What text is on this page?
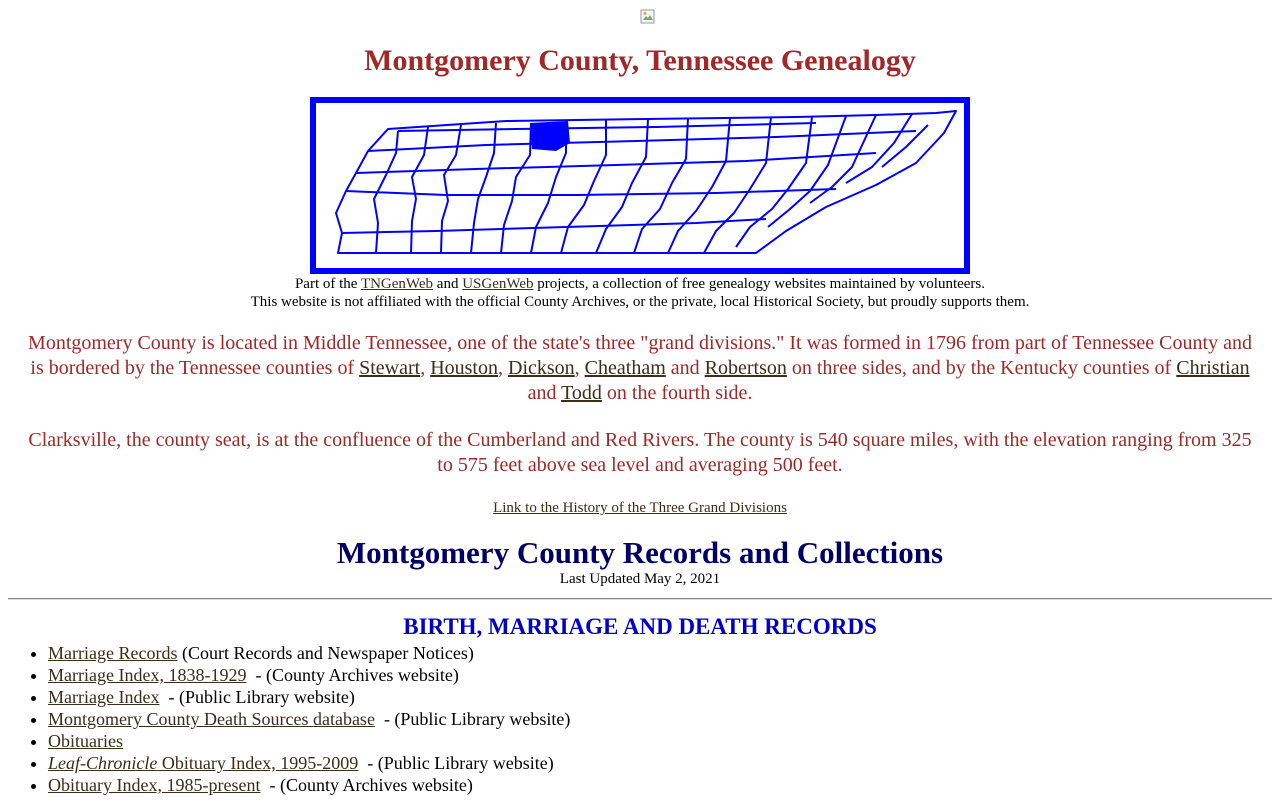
Montgomery County, Tennessee Genealogy
Part of the TNGenWeb and USGenWeb projects, a collection of free genealogy websites maintained by volunteers.
This website is not affiliated with the official County Archives, or the private, local Historical Society, but proudly supports them.

Montgomery County is located in Middle Tennessee, one of the state's three "grand divisions." It was formed in 1796 from part of Tennessee County and is bordered by the Tennessee counties of Stewart, Houston, Dickson, Cheatham and Robertson on three sides, and by the Kentucky counties of Christian and Todd on the fourth side.

Clarksville, the county seat, is at the confluence of the Cumberland and Red Rivers. The county is 540 square miles, with the elevation ranging from 325 to 575 feet above sea level and averaging 500 feet.

Link to the History of the Three Grand Divisions
Montgomery County Records and Collections
Last Updated May 2, 2021
BIRTH, MARRIAGE AND DEATH RECORDS
• Marriage Records (Court Records and Newspaper Notices)
• Marriage Index, 1838-1929  - (County Archives website)
• Marriage Index  - (Public Library website)
• Montgomery County Death Sources database  - (Public Library website)
• Obituaries
• Leaf-Chronicle Obituary Index, 1995-2009  - (Public Library website)
• Obituary Index, 1985-present  - (County Archives website)
